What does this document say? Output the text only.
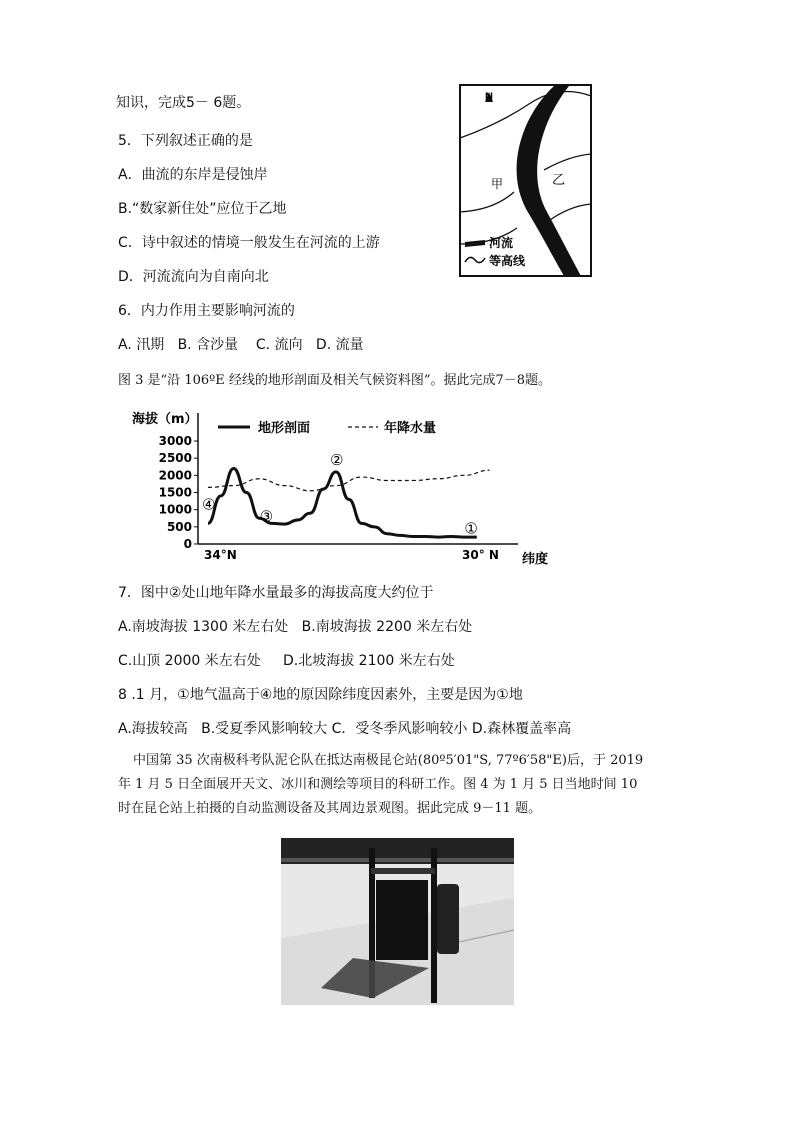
知识，完成5－ 6题。
5．下列叙述正确的是
A．曲流的东岸是侵蚀岸
B.“数家新住处”应位于乙地
C．诗中叙述的情境一般发生在河流的上游
D．河流流向为自南向北
6．内力作用主要影响河流的
A. 汛期   B. 含沙量    C. 流向   D. 流量
图 3 是“沿 106ºE 经线的地形剖面及相关气候资料图”。据此完成7－8题。
N
甲	乙
河流
等高线
海拔（m）
0
500
1000
1500
2000
2500
3000
地形剖面	年降水量
①
②
③
④
34°N	30° N 纬度
7．图中②处山地年降水量最多的海拔高度大约位于
A.南坡海拔 1300 米左右处   B.南坡海拔 2200 米左右处
C.山顶 2000 米左右处     D.北坡海拔 2100 米左右处
8 .1 月，①地气温高于④地的原因除纬度因素外，主要是因为①地
A.海拔较高   B.受夏季风影响较大 C．受冬季风影响较小 D.森林覆盖率高
中国第 35 次南极科考队泥仑队在抵达南极昆仑站(80º5′01"S, 77º6′58"E)后，于 2019
年 1 月 5 日全面展开天文、冰川和测绘等项目的科研工作。图 4 为 1 月 5 日当地时间 10
时在昆仑站上拍摄的自动监测设备及其周边景观图。据此完成 9－11 题。
